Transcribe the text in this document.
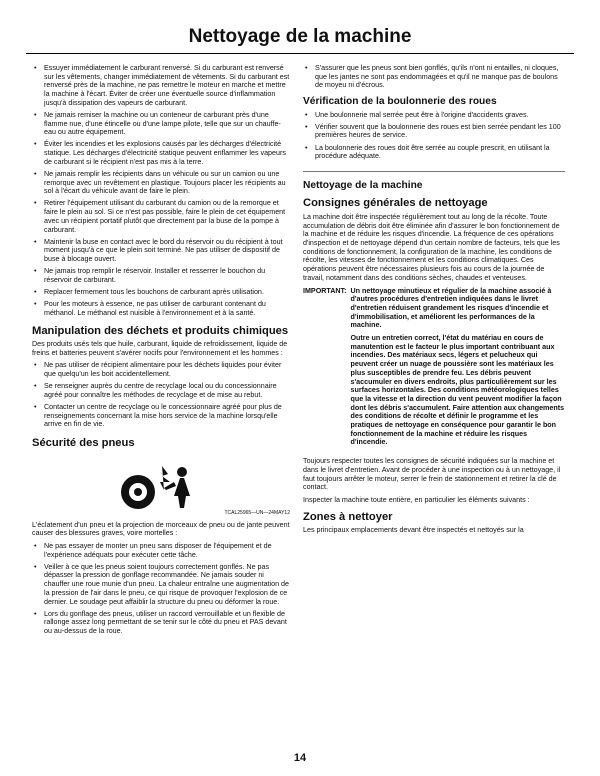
Nettoyage de la machine
• Essuyer immédiatement le carburant renversé. Si du carburant est renversé sur les vêtements, changer immédiatement de vêtements. Si du carburant est renversé près de la machine, ne pas remettre le moteur en marche et mettre la machine à l'écart. Éviter de créer une éventuelle source d'inflammation jusqu'à dissipation des vapeurs de carburant.
• Ne jamais remiser la machine ou un conteneur de carburant près d'une flamme nue, d'une étincelle ou d'une lampe pilote, telle que sur un chauffe-eau ou autre équipement.
• Éviter les incendies et les explosions causés par les décharges d'électricité statique. Les décharges d'électricité statique peuvent enflammer les vapeurs de carburant si le récipient n'est pas mis à la terre.
• Ne jamais remplir les récipients dans un véhicule ou sur un camion ou une remorque avec un revêtement en plastique. Toujours placer les récipients au sol à l'écart du véhicule avant de faire le plein.
• Retirer l'équipement utilisant du carburant du camion ou de la remorque et faire le plein au sol. Si ce n'est pas possible, faire le plein de cet équipement avec un récipient portatif plutôt que directement par la buse de la pompe à carburant.
• Maintenir la buse en contact avec le bord du réservoir ou du récipient à tout moment jusqu'à ce que le plein soit terminé. Ne pas utiliser de dispositif de buse à blocage ouvert.
• Ne jamais trop remplir le réservoir. Installer et resserrer le bouchon du réservoir de carburant.
• Replacer fermement tous les bouchons de carburant après utilisation.
• Pour les moteurs à essence, ne pas utiliser de carburant contenant du méthanol. Le méthanol est nuisible à l'environnement et à la santé.
Manipulation des déchets et produits chimiques

Des produits usés tels que huile, carburant, liquide de refroidissement, liquide de freins et batteries peuvent s'avérer nocifs pour l'environnement et les hommes :

• Ne pas utiliser de récipient alimentaire pour les déchets liquides pour éviter que quelqu'un les boit accidentellement.
• Se renseigner auprès du centre de recyclage local ou du concessionnaire agréé pour connaître les méthodes de recyclage et de mise au rebut.
• Contacter un centre de recyclage ou le concessionnaire agréé pour plus de renseignements concernant la mise hors service de la machine lorsqu'elle arrive en fin de vie.
Sécurité des pneus
TCAL25965—UN—24MAY12

L'éclatement d'un pneu et la projection de morceaux de pneu ou de jante peuvent causer des blessures graves, voire mortelles :

• Ne pas essayer de monter un pneu sans disposer de l'équipement et de l'expérience adéquats pour exécuter cette tâche.
• Veiller à ce que les pneus soient toujours correctement gonflés. Ne pas dépasser la pression de gonflage recommandée. Ne jamais souder ni chauffer une roue munie d'un pneu. La chaleur entraîne une augmentation de la pression de l'air dans le pneu, ce qui risque de provoquer l'explosion de ce dernier. Le soudage peut affaiblir la structure du pneu ou déformer la roue.
• Lors du gonflage des pneus, utiliser un raccord verrouillable et un flexible de rallonge assez long permettant de se tenir sur le côté du pneu et PAS devant ou au-dessus de la roue.
• S'assurer que les pneus sont bien gonflés, qu'ils n'ont ni entailles, ni cloques, que les jantes ne sont pas endommagées et qu'il ne manque pas de boulons de moyeu ni d'écrous.
Vérification de la boulonnerie des roues
• Une boulonnerie mal serrée peut être à l'origine d'accidents graves.
• Vérifier souvent que la boulonnerie des roues est bien serrée pendant les 100 premières heures de service.
• La boulonnerie des roues doit être serrée au couple prescrit, en utilisant la procédure adéquate.
Nettoyage de la machine
Consignes générales de nettoyage

La machine doit être inspectée régulièrement tout au long de la récolte. Toute accumulation de débris doit être éliminée afin d'assurer le bon fonctionnement de la machine et de réduire les risques d'incendie. La fréquence de ces opérations d'inspection et de nettoyage dépend d'un certain nombre de facteurs, tels que les conditions de fonctionnement, la configuration de la machine, les conditions de récolte, les vitesses de fonctionnement et les conditions climatiques. Ces opérations peuvent être nécessaires plusieurs fois au cours de la journée de travail, notamment dans des conditions sèches, chaudes et venteuses.

IMPORTANT: Un nettoyage minutieux et régulier de la machine associé à d'autres procédures d'entretien indiquées dans le livret d'entretien réduisent grandement les risques d'incendie et d'immobilisation, et améliorent les performances de la machine.

Outre un entretien correct, l'état du matériau en cours de manutention est le facteur le plus important contribuant aux incendies. Des matériaux secs, légers et pelucheux qui peuvent créer un nuage de poussière sont les matériaux les plus susceptibles de prendre feu. Les débris peuvent s'accumuler en divers endroits, plus particulièrement sur les surfaces horizontales. Des conditions météorologiques telles que la vitesse et la direction du vent peuvent modifier la façon dont les débris s'accumulent. Faire attention aux changements des conditions de récolte et définir le programme et les pratiques de nettoyage en conséquence pour garantir le bon fonctionnement de la machine et réduire les risques d'incendie.

Toujours respecter toutes les consignes de sécurité indiquées sur la machine et dans le livret d'entretien. Avant de procéder à une inspection ou à un nettoyage, il faut toujours arrêter le moteur, serrer le frein de stationnement et retirer la clé de contact.

Inspecter la machine toute entière, en particulier les éléments suivants :

Zones à nettoyer

Les principaux emplacements devant être inspectés et nettoyés sur la

14
